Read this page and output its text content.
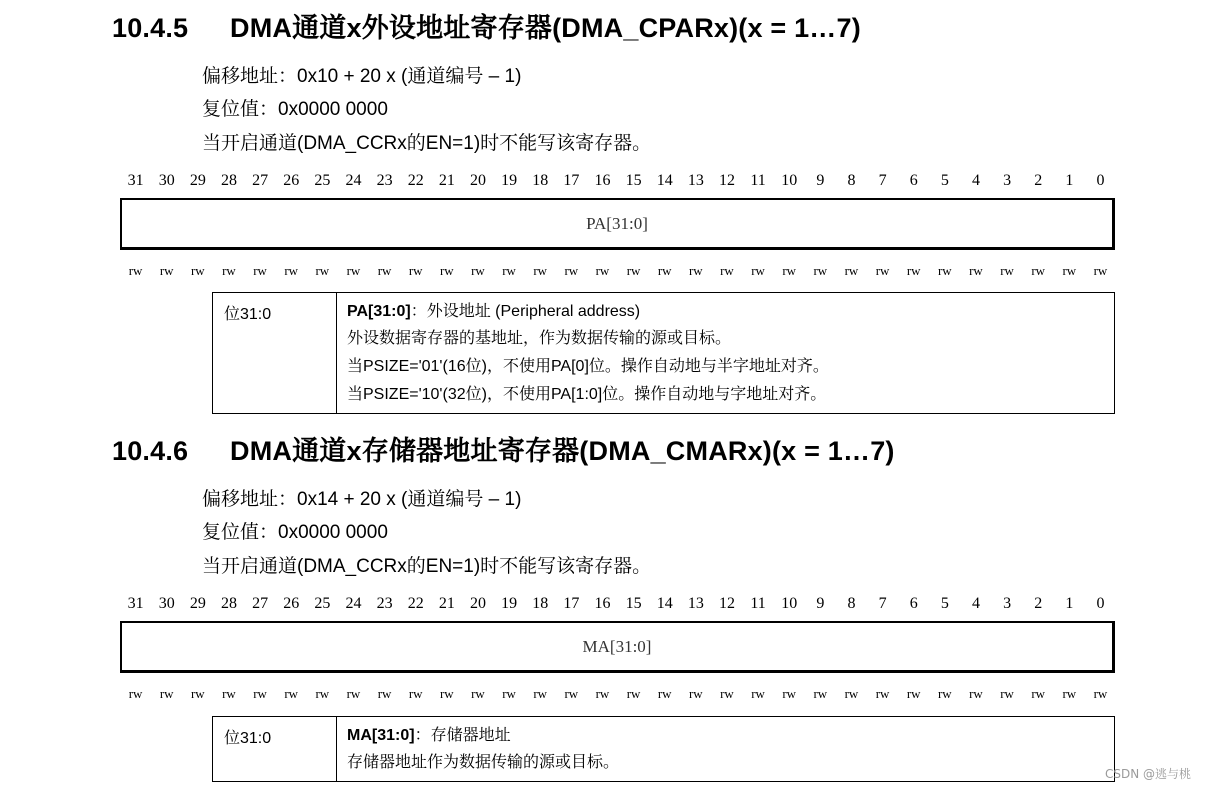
10.4.5 DMA通道x外设地址寄存器(DMA_CPARx)(x = 1…7)
偏移地址：0x10 + 20 x (通道编号 – 1)
复位值：0x0000 0000
当开启通道(DMA_CCRx的EN=1)时不能写该寄存器。
31 30 29 28 27 26 25 24 23 22 21 20 19 18 17 16 15 14 13 12 11 10	9	8	7	6	5	4	3	2	1	0
PA[31:0]
rw	rw	rw	rw	rw	rw	rw	rw	rw	rw	rw	rw	rw	rw	rw	rw	rw	rw	rw	rw	rw	rw	rw	rw	rw	rw	rw	rw	rw	rw	rw	rw
位31:0	PA[31:0]：外设地址 (Peripheral address)
外设数据寄存器的基地址，作为数据传输的源或目标。
当PSIZE='01'(16位)，不使用PA[0]位。操作自动地与半字地址对齐。
当PSIZE='10'(32位)，不使用PA[1:0]位。操作自动地与字地址对齐。
10.4.6 DMA通道x存储器地址寄存器(DMA_CMARx)(x = 1…7)
偏移地址：0x14 + 20 x (通道编号 – 1)
复位值：0x0000 0000
当开启通道(DMA_CCRx的EN=1)时不能写该寄存器。
31 30 29 28 27 26 25 24 23 22 21 20 19 18 17 16 15 14 13 12 11 10	9	8	7	6	5	4	3	2	1	0
MA[31:0]
rw	rw	rw	rw	rw	rw	rw	rw	rw	rw	rw	rw	rw	rw	rw	rw	rw	rw	rw	rw	rw	rw	rw	rw	rw	rw	rw	rw	rw	rw	rw	rw
位31:0	MA[31:0]：存储器地址
存储器地址作为数据传输的源或目标。
CSDN @逃与桃
